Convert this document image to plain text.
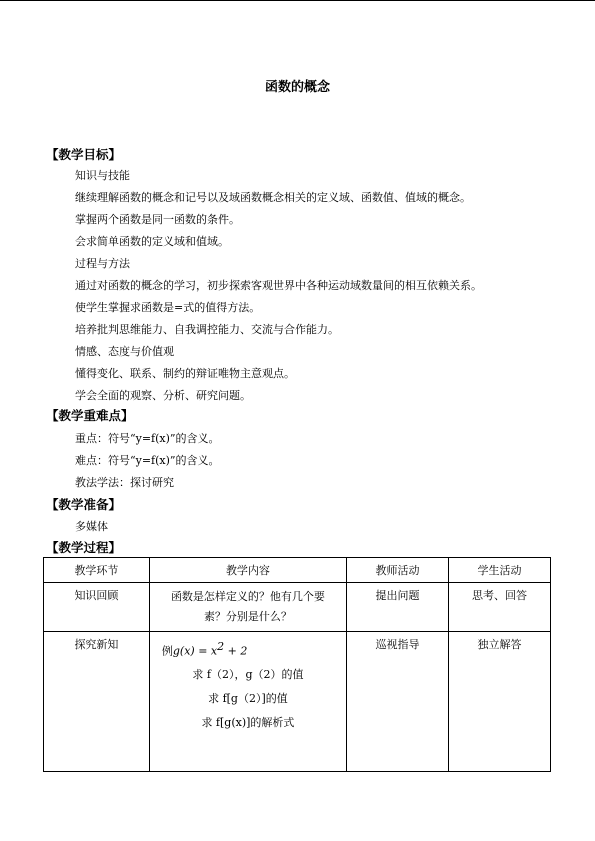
函数的概念
【教学目标】
知识与技能
继续理解函数的概念和记号以及域函数概念相关的定义域、函数值、值域的概念。
掌握两个函数是同一函数的条件。
会求简单函数的定义域和值域。
过程与方法
通过对函数的概念的学习，初步探索客观世界中各种运动域数量间的相互依赖关系。
使学生掌握求函数是=式的值得方法。
培养批判思维能力、自我调控能力、交流与合作能力。
情感、态度与价值观
懂得变化、联系、制约的辩证唯物主意观点。
学会全面的观察、分析、研究问题。
【教学重难点】
重点：符号“y=f(x)”的含义。
难点：符号“y=f(x)”的含义。
教法学法：探讨研究
【教学准备】
多媒体
【教学过程】
教学环节	教学内容	教师活动	学生活动
知识回顾	函数是怎样定义的？他有几个要
素？分别是什么？	提出问题	思考、回答
探究新知	例$g(x) = x^2 + 2$
求 f（2），g（2）的值
求 f[g（2）]的值
求 f[g(x)]的解析式	巡视指导	独立解答
